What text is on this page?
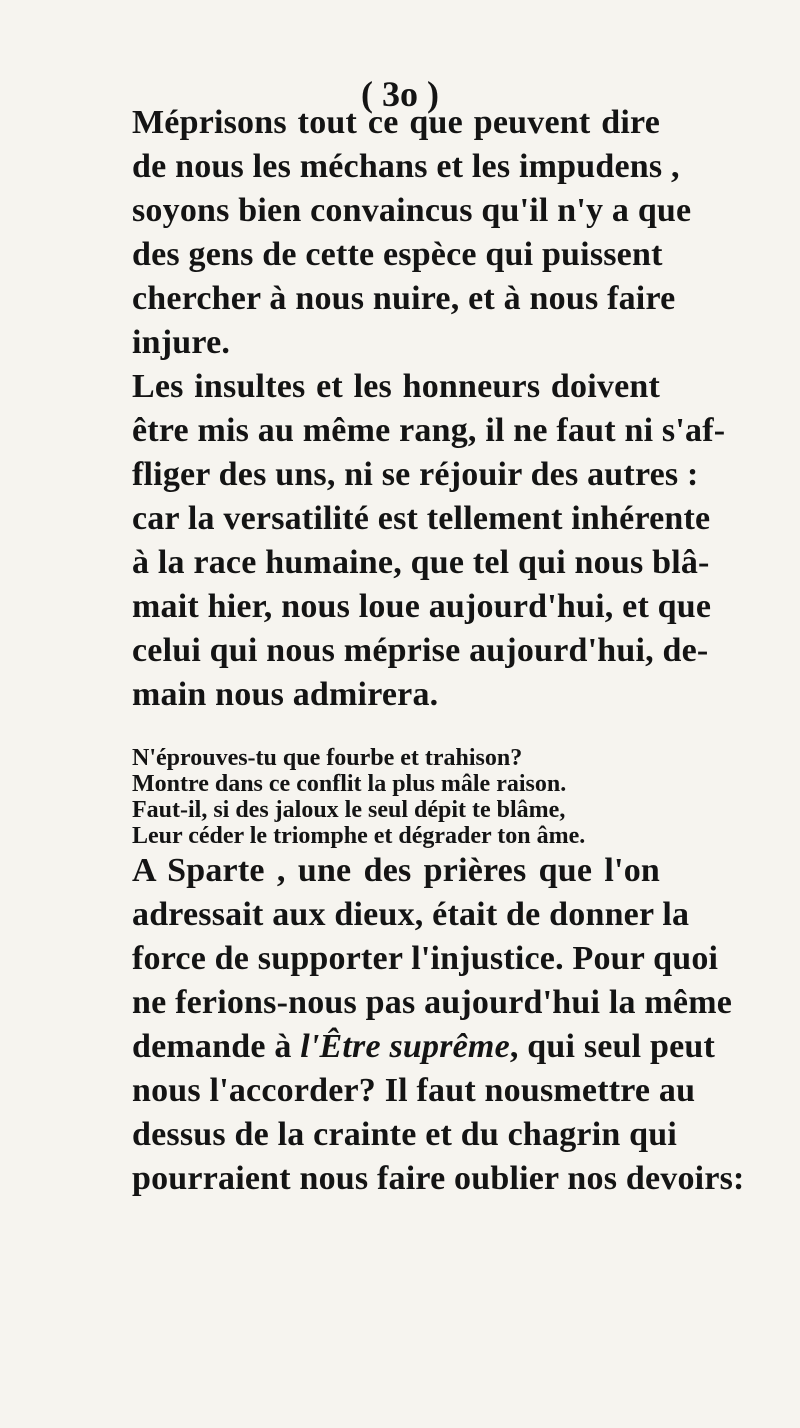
( 3o )
Méprisons tout ce que peuvent dire
de nous les méchans et les impudens ,
soyons bien convaincus qu'il n'y a que
des gens de cette espèce qui puissent
chercher à nous nuire, et à nous faire
injure.
Les insultes et les honneurs doivent
être mis au même rang, il ne faut ni s'af-
fliger des uns, ni se réjouir des autres :
car la versatilité est tellement inhérente
à la race humaine, que tel qui nous blâ-
mait hier, nous loue aujourd'hui, et que
celui qui nous méprise aujourd'hui, de-
main nous admirera.
N'éprouves-tu que fourbe et trahison?
Montre dans ce conflit la plus mâle raison.
Faut-il, si des jaloux le seul dépit te blâme,
Leur céder le triomphe et dégrader ton âme.
A Sparte , une des prières que l'on
adressait aux dieux, était de donner la
force de supporter l'injustice. Pour quoi
ne ferions-nous pas aujourd'hui la même
demande à l'Être suprême, qui seul peut
nous l'accorder? Il faut nousmettre au
dessus de la crainte et du chagrin qui
pourraient nous faire oublier nos devoirs:
